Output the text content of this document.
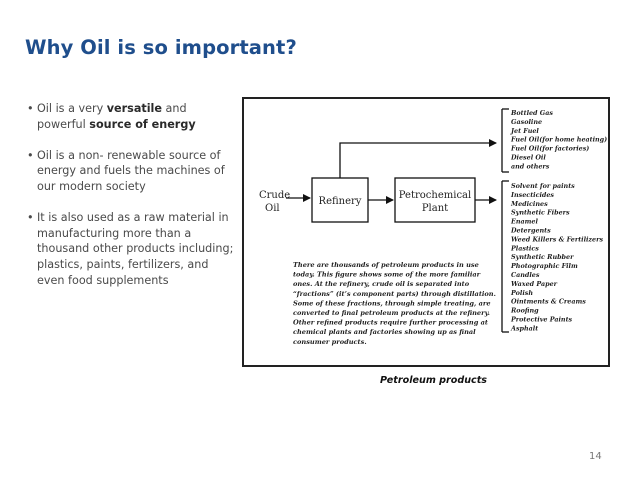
Why Oil is so important?
• Oil is a very versatile and powerful source of energy
• Oil is a non- renewable source of energy and fuels the machines of our modern society
• It is also used as a raw material in manufacturing more than a thousand other products including; plastics, paints, fertilizers, and even food supplements
Crude Oil
Refinery
Petrochemical Plant
Bottled Gas
Gasoline
Jet Fuel
Fuel Oil(for home heating)
Fuel Oil(for factories)
Diesel Oil
and others
Solvent for paints
Insecticides
Medicines
Synthetic Fibers
Enamel
Detergents
Weed Killers & Fertilizers
Plastics
Synthetic Rubber
Photographic Film
Candles
Waxed Paper
Polish
Ointments & Creams
Roofing
Protective Paints
Asphalt
There are thousands of petroleum products in use
today. This figure shows some of the more familiar
ones. At the refinery, crude oil is separated into
“fractions” (it’s component parts) through distillation.
Some of these fractions, through simple treating, are
converted to final petroleum products at the refinery.
Other refined products require further processing at
chemical plants and factories showing up as final
consumer products.
Petroleum products
14
